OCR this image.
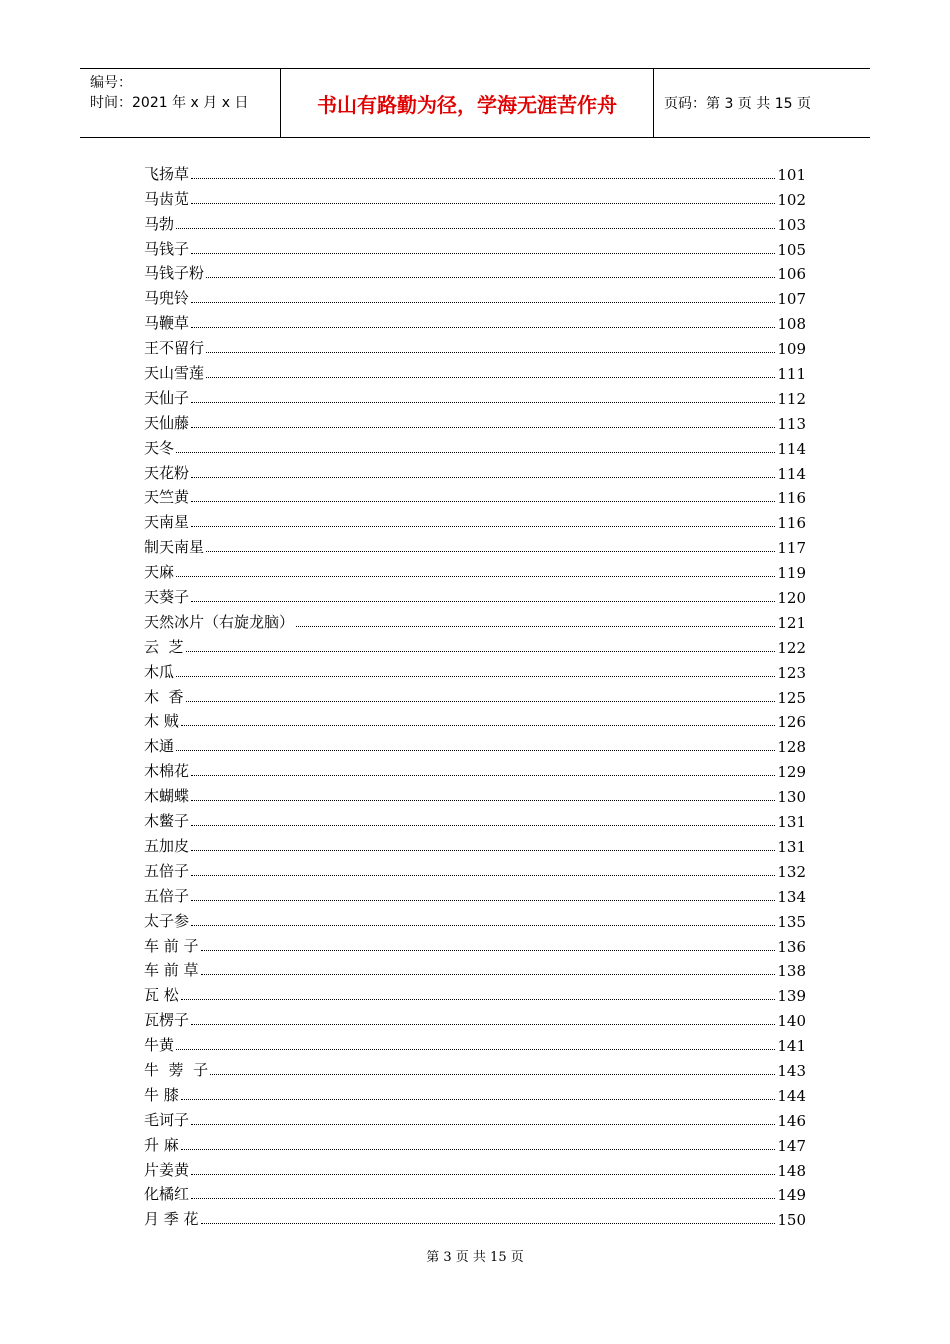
编号：
时间：2021 年 x 月 x 日	书山有路勤为径，学海无涯苦作舟	页码：第 3 页 共 15 页
飞扬草	101
马齿苋	102
马勃	103
马钱子	105
马钱子粉	106
马兜铃	107
马鞭草	108
王不留行	109
天山雪莲	111
天仙子	112
天仙藤	113
天冬	114
天花粉	114
天竺黄	116
天南星	116
制天南星	117
天麻	119
天葵子	120
天然冰片（右旋龙脑）	121
云  芝	122
木瓜	123
木  香	125
木 贼	126
木通	128
木棉花	129
木蝴蝶	130
木鳖子	131
五加皮	131
五倍子	132
五倍子	134
太子参	135
车 前 子	136
车 前 草	138
瓦 松	139
瓦楞子	140
牛黄	141
牛  蒡  子	143
牛 膝	144
毛诃子	146
升 麻	147
片姜黄	148
化橘红	149
月 季 花	150
第 3 页 共 15 页
